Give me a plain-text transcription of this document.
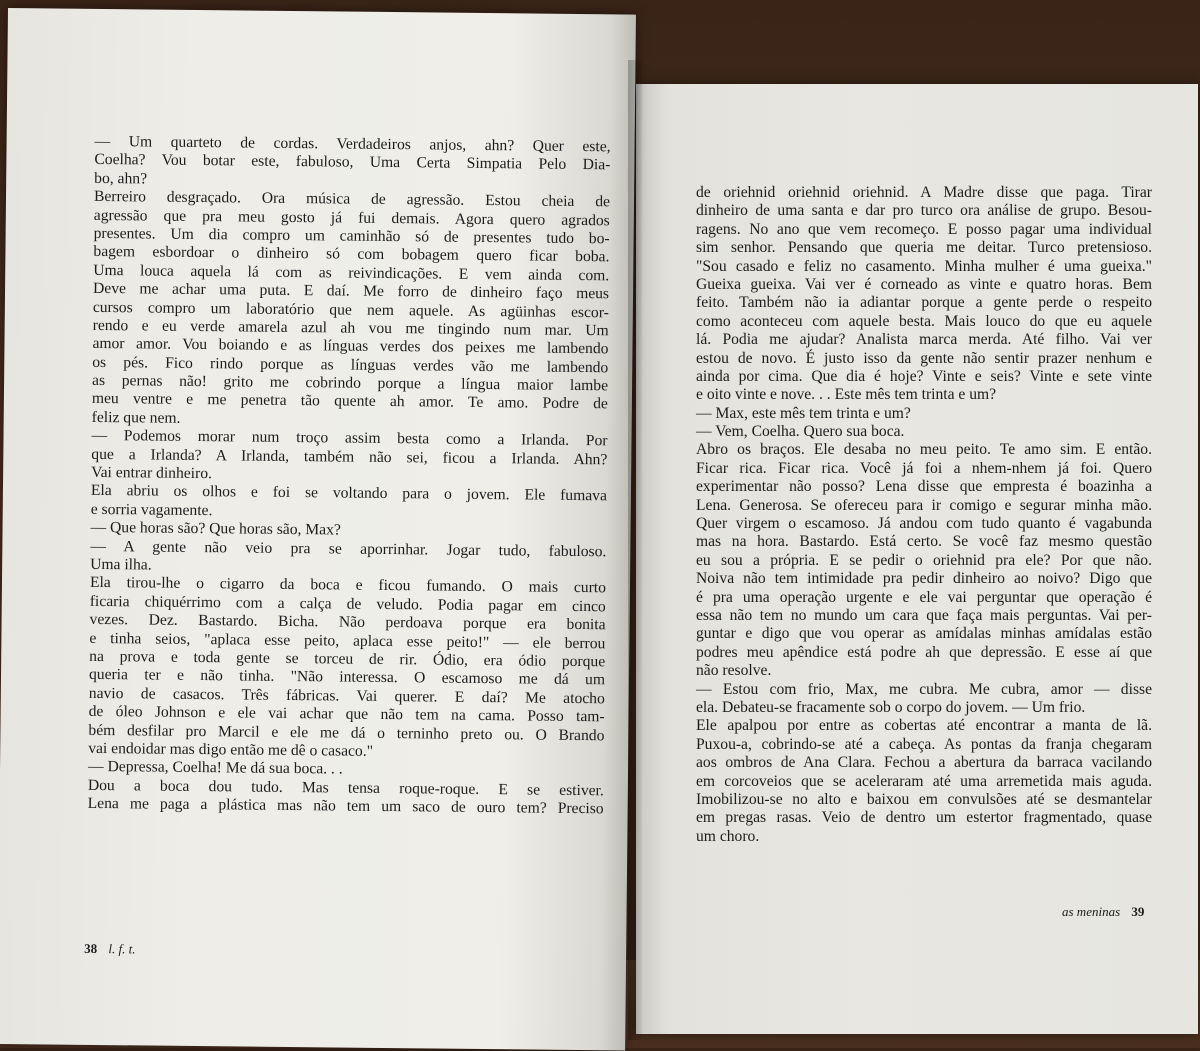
de oriehnid oriehnid oriehnid. A Madre disse que paga. Tirar
dinheiro de uma santa e dar pro turco ora análise de grupo. Besou-
ragens. No ano que vem recomeço. E posso pagar uma individual
sim senhor. Pensando que queria me deitar. Turco pretensioso.
"Sou casado e feliz no casamento. Minha mulher é uma gueixa."
Gueixa gueixa. Vai ver é corneado as vinte e quatro horas. Bem
feito. Também não ia adiantar porque a gente perde o respeito
como aconteceu com aquele besta. Mais louco do que eu aquele
lá. Podia me ajudar? Analista marca merda. Até filho. Vai ver
estou de novo. É justo isso da gente não sentir prazer nenhum e
ainda por cima. Que dia é hoje? Vinte e seis? Vinte e sete vinte
e oito vinte e nove. . . Este mês tem trinta e um?
— Max, este mês tem trinta e um?
— Vem, Coelha. Quero sua boca.
Abro os braços. Ele desaba no meu peito. Te amo sim. E então.
Ficar rica. Ficar rica. Você já foi a nhem-nhem já foi. Quero
experimentar não posso? Lena disse que empresta é boazinha a
Lena. Generosa. Se ofereceu para ir comigo e segurar minha mão.
Quer virgem o escamoso. Já andou com tudo quanto é vagabunda
mas na hora. Bastardo. Está certo. Se você faz mesmo questão
eu sou a própria. E se pedir o oriehnid pra ele? Por que não.
Noiva não tem intimidade pra pedir dinheiro ao noivo? Digo que
é pra uma operação urgente e ele vai perguntar que operação é
essa não tem no mundo um cara que faça mais perguntas. Vai per-
guntar e digo que vou operar as amídalas minhas amídalas estão
podres meu apêndice está podre ah que depressão. E esse aí que
não resolve.
— Estou com frio, Max, me cubra. Me cubra, amor — disse
ela. Debateu-se fracamente sob o corpo do jovem. — Um frio.
Ele apalpou por entre as cobertas até encontrar a manta de lã.
Puxou-a, cobrindo-se até a cabeça. As pontas da franja chegaram
aos ombros de Ana Clara. Fechou a abertura da barraca vacilando
em corcoveios que se aceleraram até uma arremetida mais aguda.
Imobilizou-se no alto e baixou em convulsões até se desmantelar
em pregas rasas. Veio de dentro um estertor fragmentado, quase
um choro.
as meninas 39
— Um quarteto de cordas. Verdadeiros anjos, ahn? Quer este,
Coelha? Vou botar este, fabuloso, Uma Certa Simpatia Pelo Dia-
bo, ahn?
Berreiro desgraçado. Ora música de agressão. Estou cheia de
agressão que pra meu gosto já fui demais. Agora quero agrados
presentes. Um dia compro um caminhão só de presentes tudo bo-
bagem esbordoar o dinheiro só com bobagem quero ficar boba.
Uma louca aquela lá com as reivindicações. E vem ainda com.
Deve me achar uma puta. E daí. Me forro de dinheiro faço meus
cursos compro um laboratório que nem aquele. As agüinhas escor-
rendo e eu verde amarela azul ah vou me tingindo num mar. Um
amor amor. Vou boiando e as línguas verdes dos peixes me lambendo
os pés. Fico rindo porque as línguas verdes vão me lambendo
as pernas não! grito me cobrindo porque a língua maior lambe
meu ventre e me penetra tão quente ah amor. Te amo. Podre de
feliz que nem.
— Podemos morar num troço assim besta como a Irlanda. Por
que a Irlanda? A Irlanda, também não sei, ficou a Irlanda. Ahn?
Vai entrar dinheiro.
Ela abriu os olhos e foi se voltando para o jovem. Ele fumava
e sorria vagamente.
— Que horas são? Que horas são, Max?
— A gente não veio pra se aporrinhar. Jogar tudo, fabuloso.
Uma ilha.
Ela tirou-lhe o cigarro da boca e ficou fumando. O mais curto
ficaria chiquérrimo com a calça de veludo. Podia pagar em cinco
vezes. Dez. Bastardo. Bicha. Não perdoava porque era bonita
e tinha seios, "aplaca esse peito, aplaca esse peito!" — ele berrou
na prova e toda gente se torceu de rir. Ódio, era ódio porque
queria ter e não tinha. "Não interessa. O escamoso me dá um
navio de casacos. Três fábricas. Vai querer. E daí? Me atocho
de óleo Johnson e ele vai achar que não tem na cama. Posso tam-
bém desfilar pro Marcil e ele me dá o terninho preto ou. O Brando
vai endoidar mas digo então me dê o casaco."
— Depressa, Coelha! Me dá sua boca. . .
Dou a boca dou tudo. Mas tensa roque-roque. E se estiver.
Lena me paga a plástica mas não tem um saco de ouro tem? Preciso
38 l. f. t.
